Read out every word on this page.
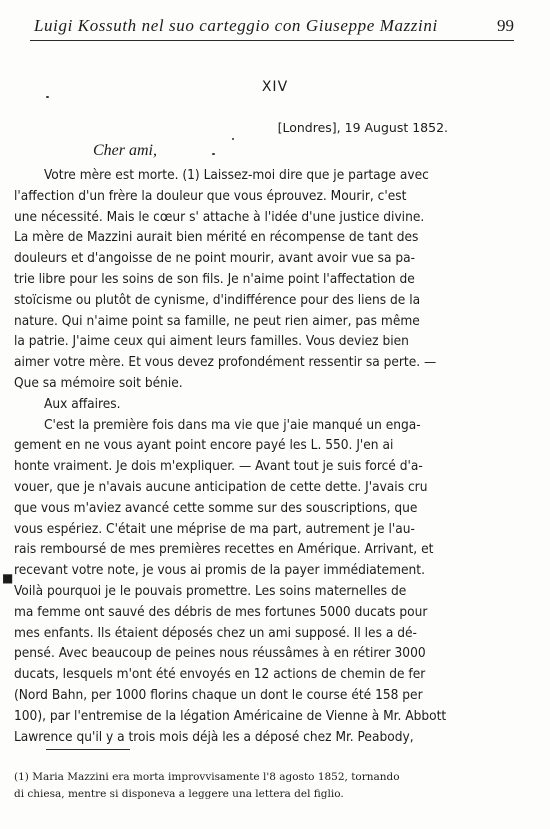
Luigi Kossuth nel suo carteggio con Giuseppe Mazzini	99
XIV
[Londres], 19 August 1852.
Cher ami,
Votre mère est morte. (1) Laissez-moi dire que je partage avec
l'affection d'un frère la douleur que vous éprouvez. Mourir, c'est
une nécessité. Mais le cœur s' attache à l'idée d'une justice divine.
La mère de Mazzini aurait bien mérité en récompense de tant des
douleurs et d'angoisse de ne point mourir, avant avoir vue sa pa-
trie libre pour les soins de son fils. Je n'aime point l'affectation de
stoïcisme ou plutôt de cynisme, d'indifférence pour des liens de la
nature. Qui n'aime point sa famille, ne peut rien aimer, pas même
la patrie. J'aime ceux qui aiment leurs familles. Vous deviez bien
aimer votre mère. Et vous devez profondément ressentir sa perte. —
Que sa mémoire soit bénie.
Aux affaires.
C'est la première fois dans ma vie que j'aie manqué un enga-
gement en ne vous ayant point encore payé les L. 550. J'en ai
honte vraiment. Je dois m'expliquer. — Avant tout je suis forcé d'a-
vouer, que je n'avais aucune anticipation de cette dette. J'avais cru
que vous m'aviez avancé cette somme sur des souscriptions, que
vous espériez. C'était une méprise de ma part, autrement je l'au-
rais remboursé de mes premières recettes en Amérique. Arrivant, et
recevant votre note, je vous ai promis de la payer immédiatement.
Voilà pourquoi je le pouvais promettre. Les soins maternelles de
ma femme ont sauvé des débris de mes fortunes 5000 ducats pour
mes enfants. Ils étaient déposés chez un ami supposé. Il les a dé-
pensé. Avec beaucoup de peines nous réussâmes à en rétirer 3000
ducats, lesquels m'ont été envoyés en 12 actions de chemin de fer
(Nord Bahn, per 1000 florins chaque un dont le course été 158 per
100), par l'entremise de la légation Américaine de Vienne à Mr. Abbott
Lawrence qu'il y a trois mois déjà les a déposé chez Mr. Peabody,
■
(1) Maria Mazzini era morta improvvisamente l'8 agosto 1852, tornando
di chiesa, mentre si disponeva a leggere una lettera del figlio.
